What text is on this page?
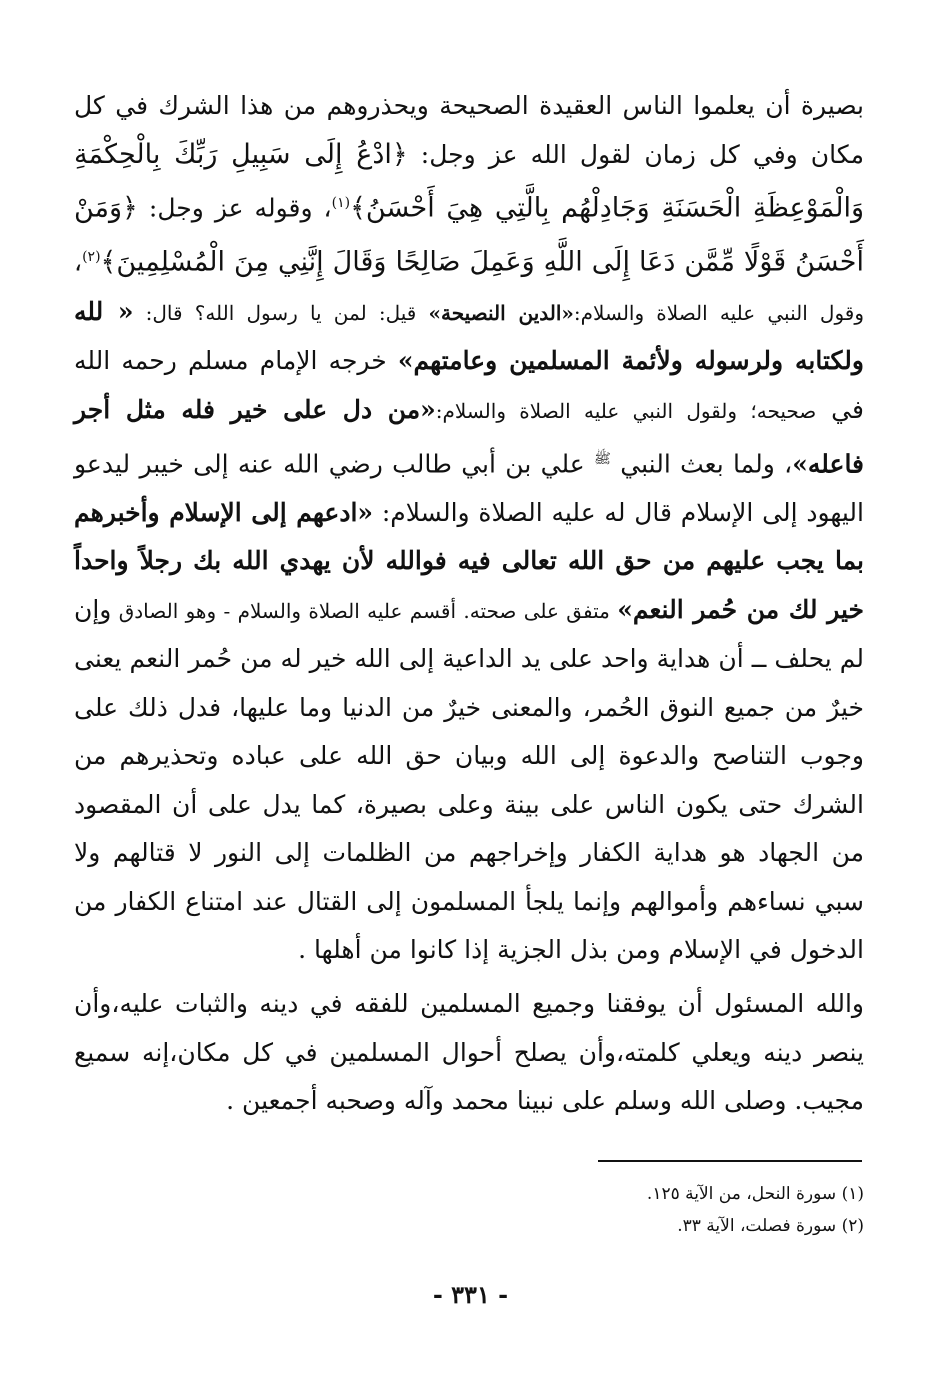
بصيرة أن يعلموا الناس العقيدة الصحيحة ويحذروهم من هذا الشرك في كل مكان وفي كل زمان لقول الله عز وجل: ﴿ادْعُ إِلَى سَبِيلِ رَبِّكَ بِالْحِكْمَةِ وَالْمَوْعِظَةِ الْحَسَنَةِ وَجَادِلْهُم بِالَّتِي هِيَ أَحْسَنُ﴾$^{(١)}$، وقوله عز وجل: ﴿وَمَنْ أَحْسَنُ قَوْلًا مِّمَّن دَعَا إِلَى اللَّهِ وَعَمِلَ صَالِحًا وَقَالَ إِنَّنِي مِنَ الْمُسْلِمِينَ﴾$^{(٢)}$، وقول النبي عليه الصلاة والسلام:«الدين النصيحة» قيل: لمن يا رسول الله؟ قال: « لله ولكتابه ولرسوله ولأئمة المسلمين وعامتهم» خرجه الإمام مسلم رحمه الله في صحيحه؛ ولقول النبي عليه الصلاة والسلام:«من دل على خير فله مثل أجر فاعله»، ولما بعث النبي $^ﷺ$ علي بن أبي طالب رضي الله عنه إلى خيبر ليدعو اليهود إلى الإسلام قال له عليه الصلاة والسلام: «ادعهم إلى الإسلام وأخبرهم بما يجب عليهم من حق الله تعالى فيه فوالله لأن يهدي الله بك رجلاً واحداً خير لك من حُمر النعم» متفق على صحته. أقسم عليه الصلاة والسلام - وهو الصادق وإن لم يحلف ــ أن هداية واحد على يد الداعية إلى الله خير له من حُمر النعم يعنى خيرٌ من جميع النوق الحُمر، والمعنى خيرٌ من الدنيا وما عليها، فدل ذلك على وجوب التناصح والدعوة إلى الله وبيان حق الله على عباده وتحذيرهم من الشرك حتى يكون الناس على بينة وعلى بصيرة، كما يدل على أن المقصود من الجهاد هو هداية الكفار وإخراجهم من الظلمات إلى النور لا قتالهم ولا سبي نساءهم وأموالهم وإنما يلجأ المسلمون إلى القتال عند امتناع الكفار من الدخول في الإسلام ومن بذل الجزية إذا كانوا من أهلها .

والله المسئول أن يوفقنا وجميع المسلمين للفقه في دينه والثبات عليه،وأن ينصر دينه ويعلي كلمته،وأن يصلح أحوال المسلمين في كل مكان،إنه سميع مجيب. وصلى الله وسلم على نبينا محمد وآله وصحبه أجمعين .

(١) سورة النحل، من الآية ١٢٥.
(٢) سورة فصلت، الآية ٣٣.
- ٣٣١ -
